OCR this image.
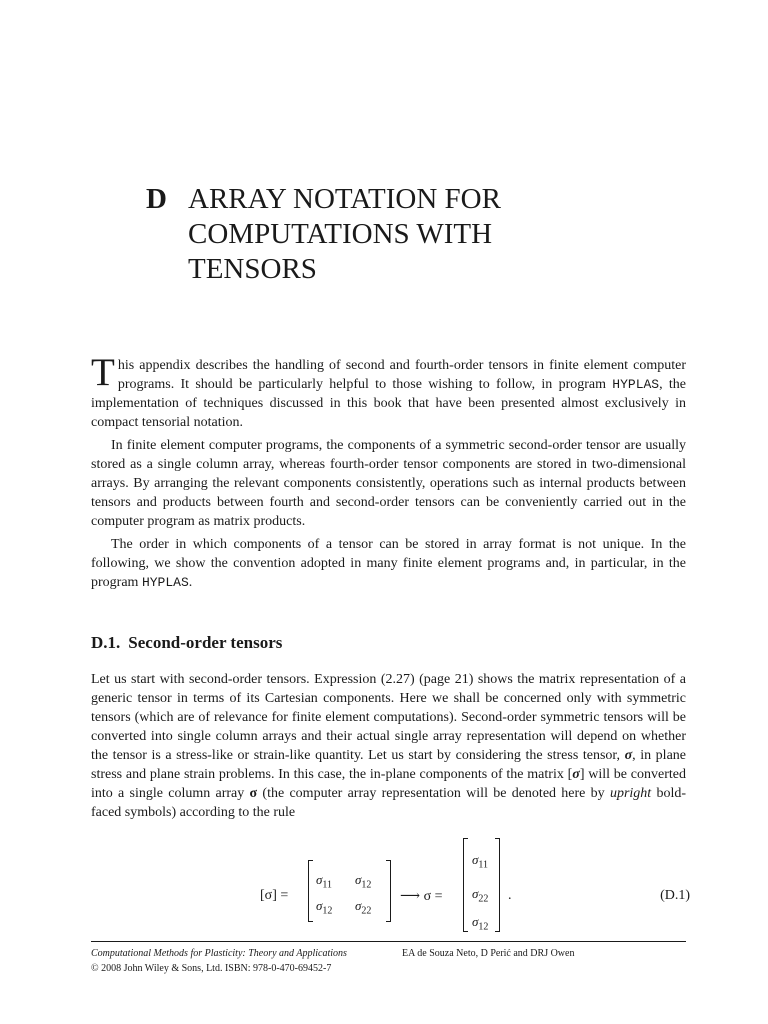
D ARRAY NOTATION FOR
COMPUTATIONS WITH
TENSORS

This appendix describes the handling of second and fourth-order tensors in finite element computer programs. It should be particularly helpful to those wishing to follow, in program HYPLAS, the implementation of techniques discussed in this book that have been presented almost exclusively in compact tensorial notation.

In finite element computer programs, the components of a symmetric second-order tensor are usually stored as a single column array, whereas fourth-order tensor components are stored in two-dimensional arrays. By arranging the relevant components consistently, operations such as internal products between tensors and products between fourth and second-order tensors can be conveniently carried out in the computer program as matrix products.

The order in which components of a tensor can be stored in array format is not unique. In the following, we show the convention adopted in many finite element programs and, in particular, in the program HYPLAS.

D.1. Second-order tensors

Let us start with second-order tensors. Expression (2.27) (page 21) shows the matrix representation of a generic tensor in terms of its Cartesian components. Here we shall be concerned only with symmetric tensors (which are of relevance for finite element computations). Second-order symmetric tensors will be converted into single column arrays and their actual single array representation will depend on whether the tensor is a stress-like or strain-like quantity. Let us start by considering the stress tensor, σ, in plane stress and plane strain problems. In this case, the in-plane components of the matrix [σ] will be converted into a single column array σ (the computer array representation will be denoted here by upright bold-faced symbols) according to the rule

[σ] =
$\sigma_{11}$ $\sigma_{12}$
$\sigma_{12}$ $\sigma_{22}$
⟶ σ =
$\sigma_{11}$
$\sigma_{22}$
$\sigma_{12}$
.	(D.1)
Computational Methods for Plasticity: Theory and Applications	EA de Souza Neto, D Perić and DRJ Owen
© 2008 John Wiley & Sons, Ltd. ISBN: 978-0-470-69452-7
